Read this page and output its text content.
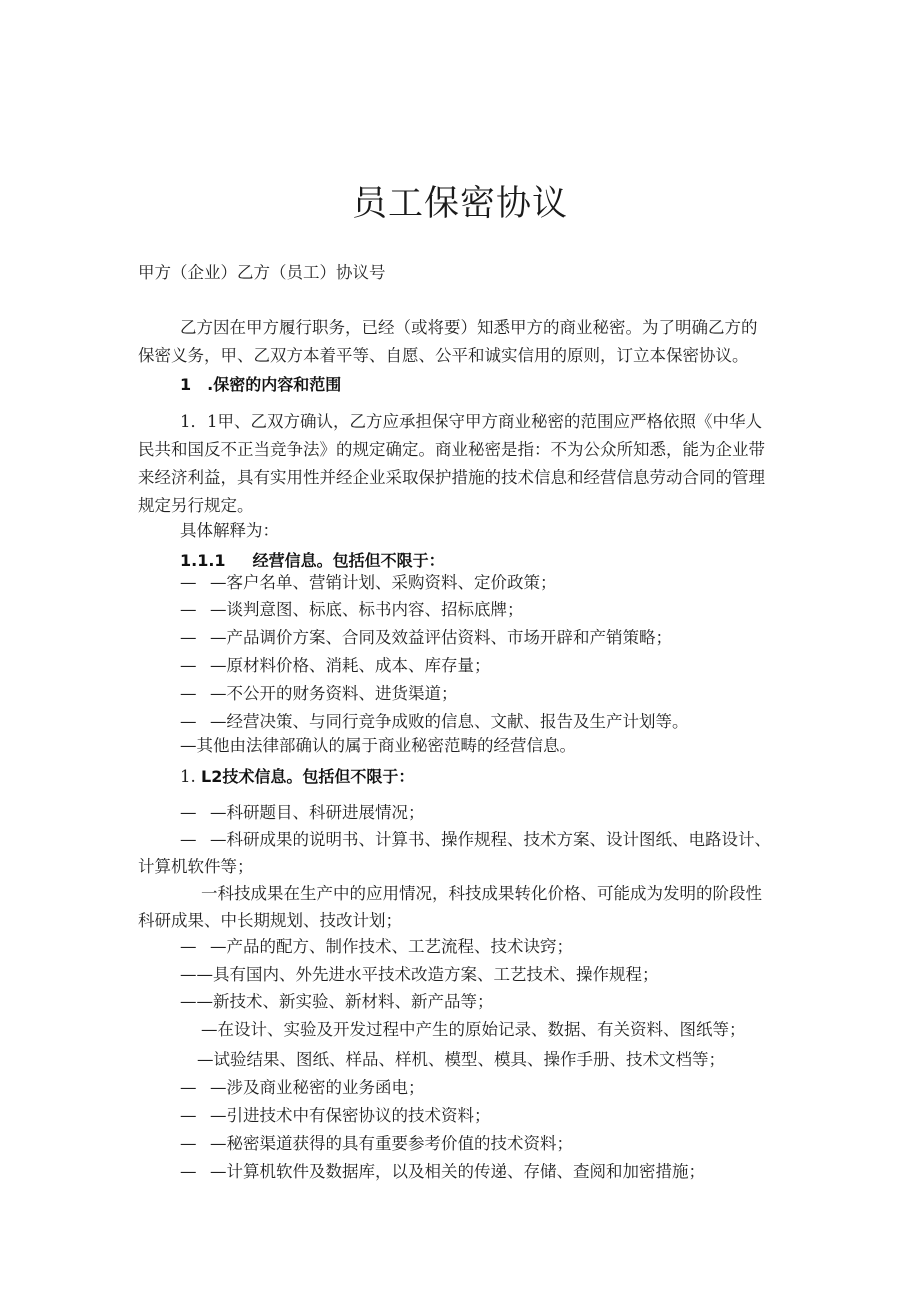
员工保密协议
甲方（企业）乙方（员工）协议号
乙方因在甲方履行职务，已经（或将要）知悉甲方的商业秘密。为了明确乙方的
保密义务，甲、乙双方本着平等、自愿、公平和诚实信用的原则，订立本保密协议。
1　.保密的内容和范围
1．1甲、乙双方确认，乙方应承担保守甲方商业秘密的范围应严格依照《中华人
民共和国反不正当竞争法》的规定确定。商业秘密是指：不为公众所知悉，能为企业带
来经济利益，具有实用性并经企业采取保护措施的技术信息和经营信息劳动合同的管理
规定另行规定。
具体解释为：
1.1.1 经营信息。包括但不限于：
— —客户名单、营销计划、采购资料、定价政策；
— —谈判意图、标底、标书内容、招标底牌；
— —产品调价方案、合同及效益评估资料、市场开辟和产销策略；
— —原材料价格、消耗、成本、库存量；
— —不公开的财务资料、进货渠道；
— —经营决策、与同行竞争成败的信息、文献、报告及生产计划等。
—其他由法律部确认的属于商业秘密范畴的经营信息。
1. L2技术信息。包括但不限于：
— —科研题目、科研进展情况；
— —科研成果的说明书、计算书、操作规程、技术方案、设计图纸、电路设计、
计算机软件等；
一科技成果在生产中的应用情况，科技成果转化价格、可能成为发明的阶段性
科研成果、中长期规划、技改计划；
— —产品的配方、制作技术、工艺流程、技术诀窍；
——具有国内、外先进水平技术改造方案、工艺技术、操作规程；
——新技术、新实验、新材料、新产品等；
—在设计、实验及开发过程中产生的原始记录、数据、有关资料、图纸等；
—试验结果、图纸、样品、样机、模型、模具、操作手册、技术文档等；
— —涉及商业秘密的业务函电；
— —引进技术中有保密协议的技术资料；
— —秘密渠道获得的具有重要参考价值的技术资料；
— —计算机软件及数据库，以及相关的传递、存储、查阅和加密措施；
